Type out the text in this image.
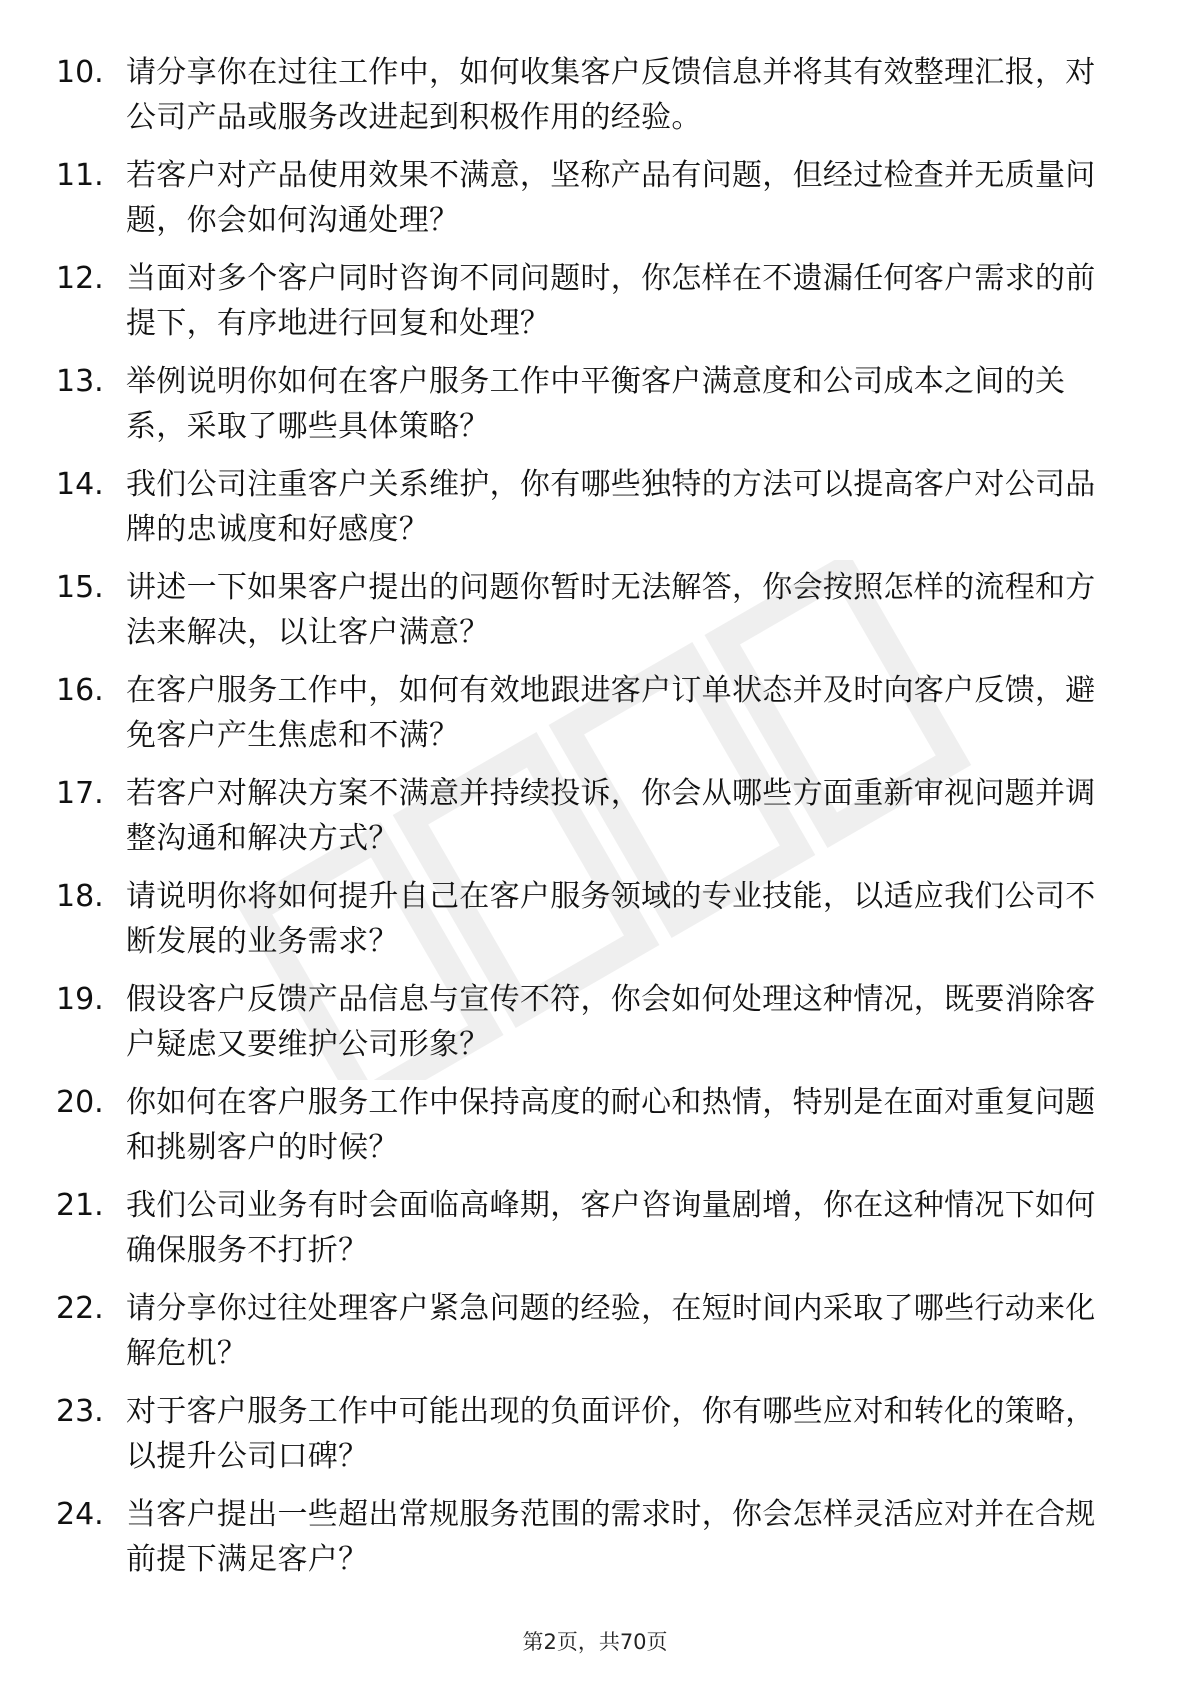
10. 请分享你在过往工作中，如何收集客户反馈信息并将其有效整理汇报，对公司产品或服务改进起到积极作用的经验。
11. 若客户对产品使用效果不满意，坚称产品有问题，但经过检查并无质量问题，你会如何沟通处理？
12. 当面对多个客户同时咨询不同问题时，你怎样在不遗漏任何客户需求的前提下，有序地进行回复和处理？
13. 举例说明你如何在客户服务工作中平衡客户满意度和公司成本之间的关系，采取了哪些具体策略？
14. 我们公司注重客户关系维护，你有哪些独特的方法可以提高客户对公司品牌的忠诚度和好感度？
15. 讲述一下如果客户提出的问题你暂时无法解答，你会按照怎样的流程和方法来解决，以让客户满意？
16. 在客户服务工作中，如何有效地跟进客户订单状态并及时向客户反馈，避免客户产生焦虑和不满？
17. 若客户对解决方案不满意并持续投诉，你会从哪些方面重新审视问题并调整沟通和解决方式？
18. 请说明你将如何提升自己在客户服务领域的专业技能，以适应我们公司不断发展的业务需求？
19. 假设客户反馈产品信息与宣传不符，你会如何处理这种情况，既要消除客户疑虑又要维护公司形象？
20. 你如何在客户服务工作中保持高度的耐心和热情，特别是在面对重复问题和挑剔客户的时候？
21. 我们公司业务有时会面临高峰期，客户咨询量剧增，你在这种情况下如何确保服务不打折？
22. 请分享你过往处理客户紧急问题的经验，在短时间内采取了哪些行动来化解危机？
23. 对于客户服务工作中可能出现的负面评价，你有哪些应对和转化的策略，以提升公司口碑？
24. 当客户提出一些超出常规服务范围的需求时，你会怎样灵活应对并在合规前提下满足客户？
第2页，共70页
